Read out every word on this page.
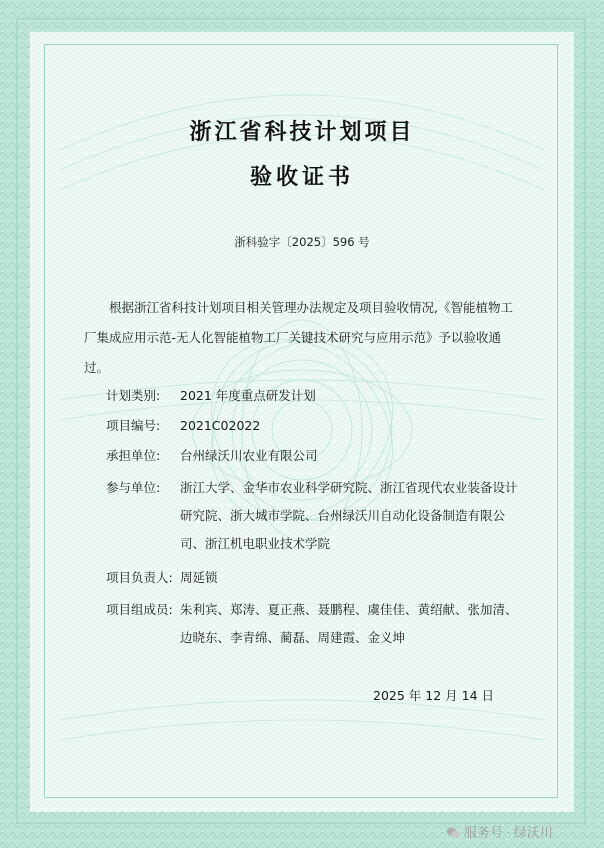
浙江省科技计划项目
验收证书
浙科验字〔2025〕596 号
根据浙江省科技计划项目相关管理办法规定及项目验收情况,《智能植物工厂集成应用示范-无人化智能植物工厂关键技术研究与应用示范》予以验收通过。
计划类别:	2021 年度重点研发计划
项目编号:	2021C02022
承担单位:	台州绿沃川农业有限公司
参与单位:	浙江大学、金华市农业科学研究院、浙江省现代农业装备设计研究院、浙大城市学院、台州绿沃川自动化设备制造有限公司、浙江机电职业技术学院
项目负责人: 周延锁
项目组成员: 朱利宾、郑涛、夏正燕、聂鹏程、虞佳佳、黄绍献、张加清、边晓东、李青绵、蔺磊、周建霞、金义坤
2025 年 12 月 14 日
服务号 · 绿沃川
